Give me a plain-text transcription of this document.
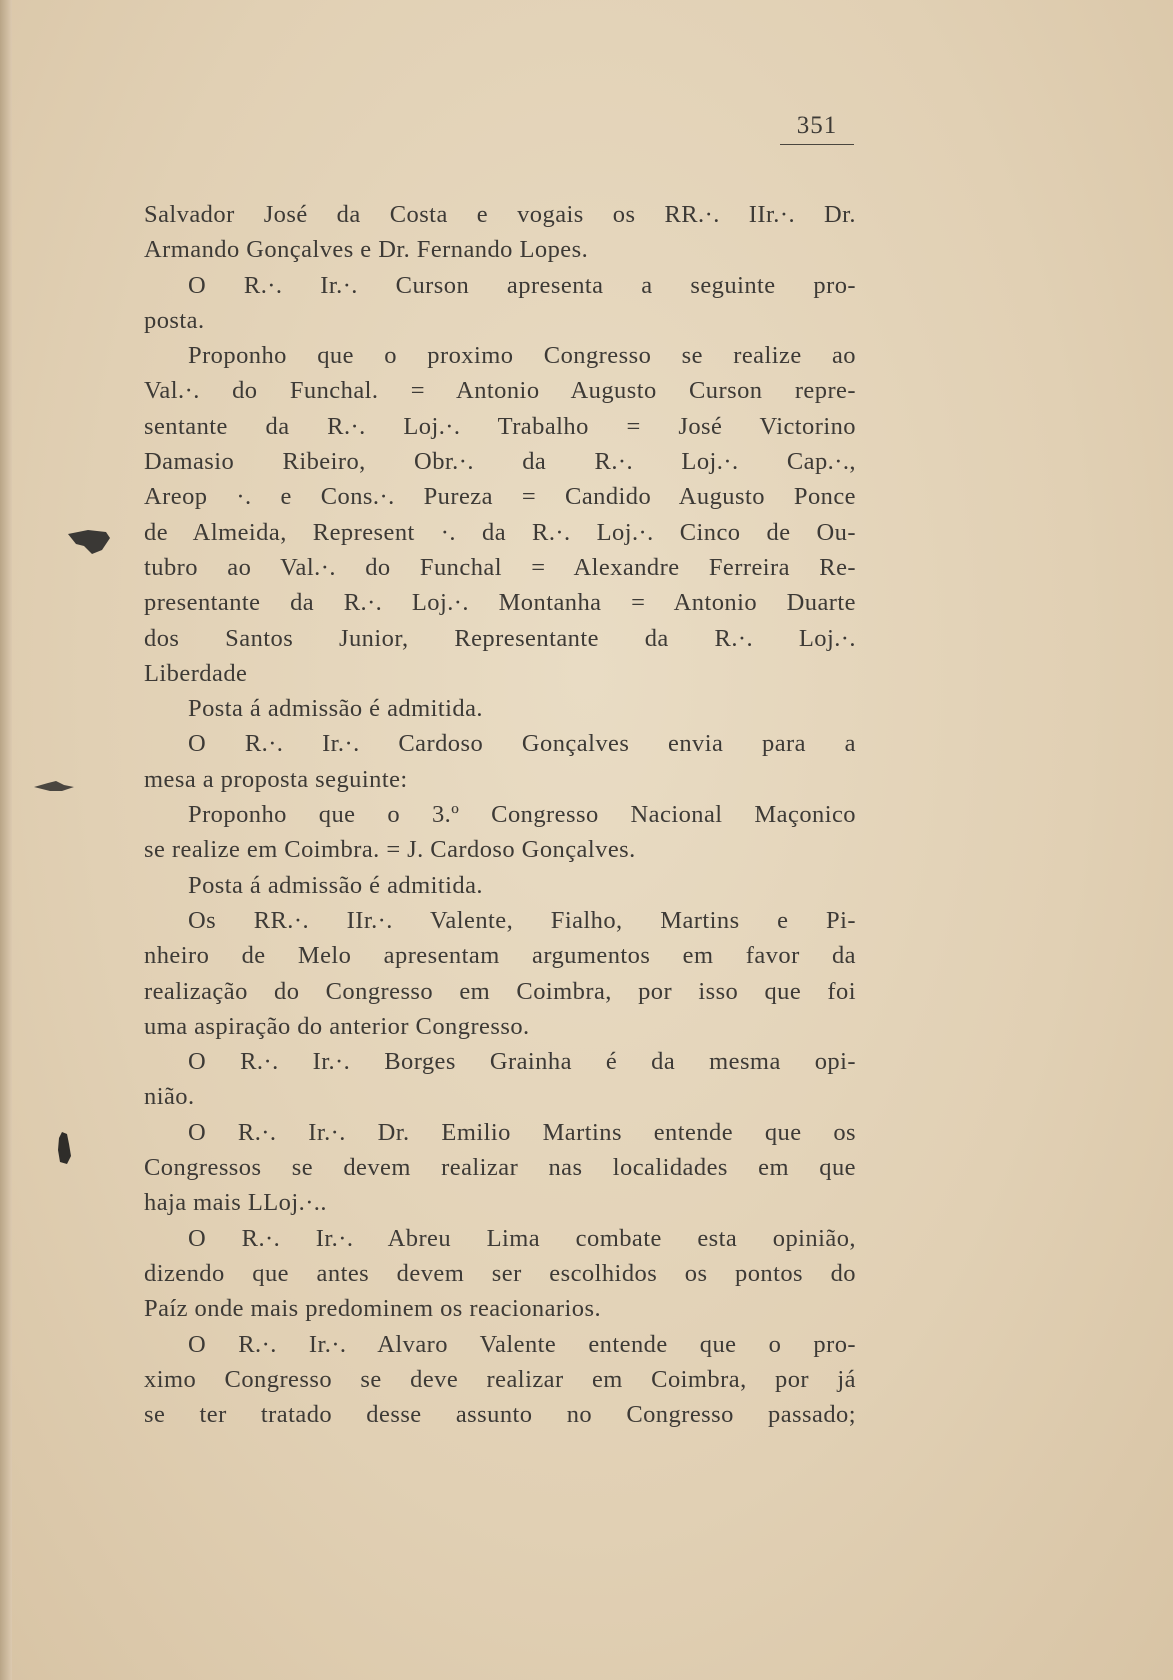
351
Salvador José da Costa e vogais os RR.·. IIr.·. Dr.
Armando Gonçalves e Dr. Fernando Lopes.
O R.·. Ir.·. Curson apresenta a seguinte pro-
posta.
Proponho que o proximo Congresso se realize ao
Val.·. do Funchal. = Antonio Augusto Curson repre-
sentante da R.·. Loj.·. Trabalho = José Victorino
Damasio Ribeiro, Obr.·. da R.·. Loj.·. Cap.·.,
Areop ·. e Cons.·. Pureza = Candido Augusto Ponce
de Almeida, Represent ·. da R.·. Loj.·. Cinco de Ou-
tubro ao Val.·. do Funchal = Alexandre Ferreira Re-
presentante da R.·. Loj.·. Montanha = Antonio Duarte
dos Santos Junior, Representante da R.·. Loj.·.
Liberdade
Posta á admissão é admitida.
O R.·. Ir.·. Cardoso Gonçalves envia para a
mesa a proposta seguinte:
Proponho que o 3.º Congresso Nacional Maçonico
se realize em Coimbra. = J. Cardoso Gonçalves.
Posta á admissão é admitida.
Os RR.·. IIr.·. Valente, Fialho, Martins e Pi-
nheiro de Melo apresentam argumentos em favor da
realização do Congresso em Coimbra, por isso que foi
uma aspiração do anterior Congresso.
O R.·. Ir.·. Borges Grainha é da mesma opi-
nião.
O R.·. Ir.·. Dr. Emilio Martins entende que os
Congressos se devem realizar nas localidades em que
haja mais LLoj.·..
O R.·. Ir.·. Abreu Lima combate esta opinião,
dizendo que antes devem ser escolhidos os pontos do
Paíz onde mais predominem os reacionarios.
O R.·. Ir.·. Alvaro Valente entende que o pro-
ximo Congresso se deve realizar em Coimbra, por já
se ter tratado desse assunto no Congresso passado;
